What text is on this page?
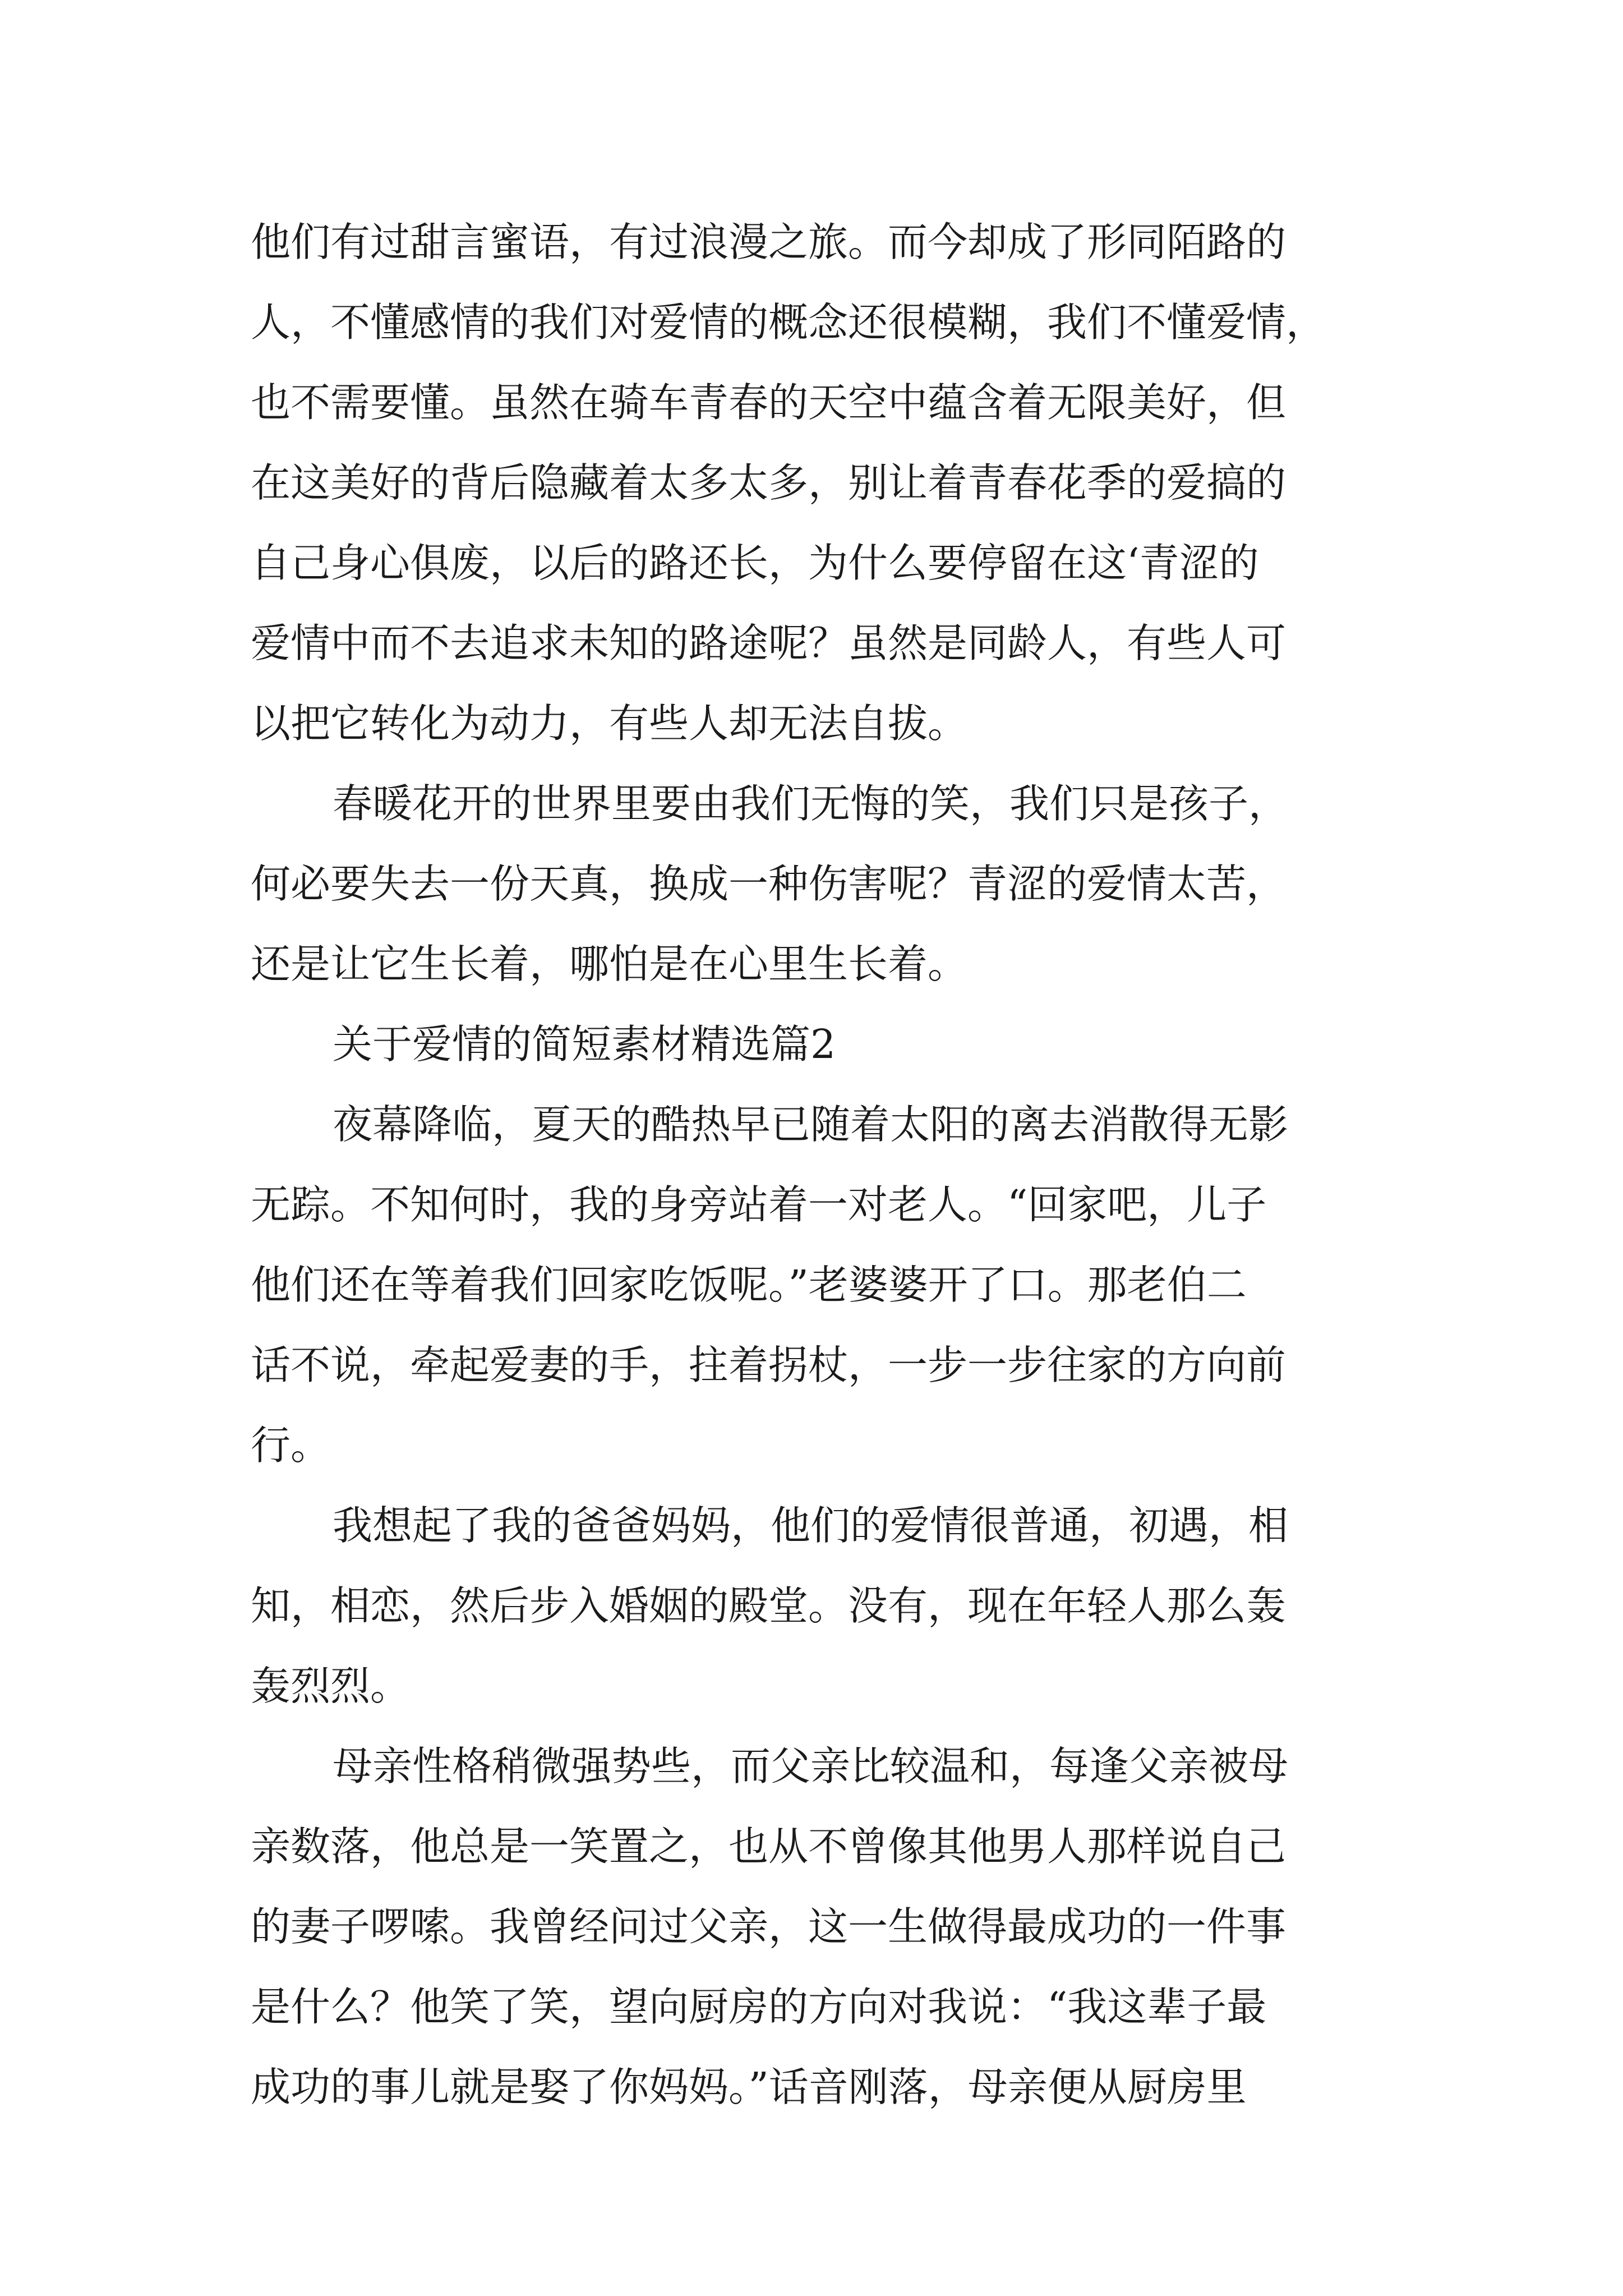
他们有过甜言蜜语，有过浪漫之旅。而今却成了形同陌路的
人，不懂感情的我们对爱情的概念还很模糊，我们不懂爱情，
也不需要懂。虽然在骑车青春的天空中蕴含着无限美好，但
在这美好的背后隐藏着太多太多，别让着青春花季的爱搞的
自己身心俱废，以后的路还长，为什么要停留在这‘青涩的
爱情中而不去追求未知的路途呢？虽然是同龄人，有些人可
以把它转化为动力，有些人却无法自拔。
春暖花开的世界里要由我们无悔的笑，我们只是孩子，
何必要失去一份天真，换成一种伤害呢？青涩的爱情太苦，
还是让它生长着，哪怕是在心里生长着。
关于爱情的简短素材精选篇2
夜幕降临，夏天的酷热早已随着太阳的离去消散得无影
无踪。不知何时，我的身旁站着一对老人。“回家吧，儿子
他们还在等着我们回家吃饭呢。”老婆婆开了口。那老伯二
话不说，牵起爱妻的手，拄着拐杖，一步一步往家的方向前
行。
我想起了我的爸爸妈妈，他们的爱情很普通，初遇，相
知，相恋，然后步入婚姻的殿堂。没有，现在年轻人那么轰
轰烈烈。
母亲性格稍微强势些，而父亲比较温和，每逢父亲被母
亲数落，他总是一笑置之，也从不曾像其他男人那样说自己
的妻子啰嗦。我曾经问过父亲，这一生做得最成功的一件事
是什么？他笑了笑，望向厨房的方向对我说：“我这辈子最
成功的事儿就是娶了你妈妈。”话音刚落，母亲便从厨房里
